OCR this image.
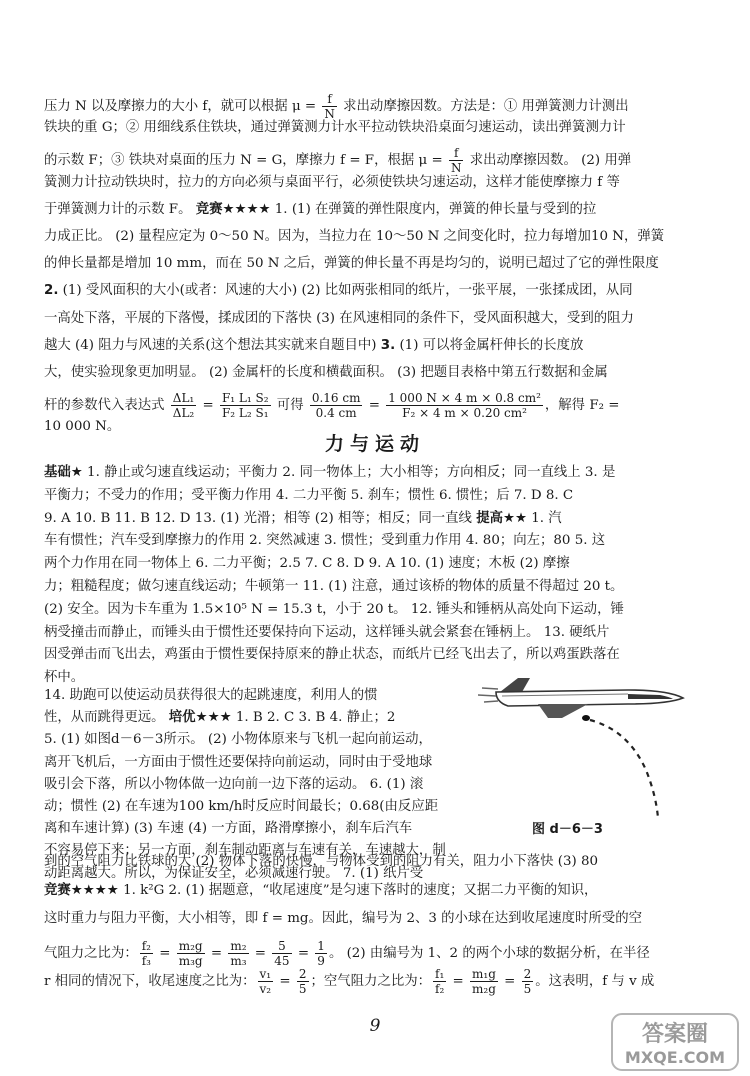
压力 N 以及摩擦力的大小 f，就可以根据 $\mu = \frac{f}{N}$ 求出动摩擦因数。方法是：① 用弹簧测力计测出
铁块的重 G；② 用细线系住铁块，通过弹簧测力计水平拉动铁块沿桌面匀速运动，读出弹簧测力计
的示数 F；③ 铁块对桌面的压力 N = G，摩擦力 f = F，根据 $\mu = \frac{f}{N}$ 求出动摩擦因数。 (2) 用弹
簧测力计拉动铁块时，拉力的方向必须与桌面平行，必须使铁块匀速运动，这样才能使摩擦力 f 等
于弹簧测力计的示数 F。 竞赛★★★★ 1. (1) 在弹簧的弹性限度内，弹簧的伸长量与受到的拉
力成正比。 (2) 量程应定为 0～50 N。因为，当拉力在 10～50 N 之间变化时，拉力每增加10 N，弹簧
的伸长量都是增加 10 mm，而在 50 N 之后，弹簧的伸长量不再是均匀的，说明已超过了它的弹性限度
2. (1) 受风面积的大小(或者：风速的大小) (2) 比如两张相同的纸片，一张平展，一张揉成团，从同
一高处下落，平展的下落慢，揉成团的下落快 (3) 在风速相同的条件下，受风面积越大，受到的阻力
越大 (4) 阻力与风速的关系(这个想法其实就来自题目中) 3. (1) 可以将金属杆伸长的长度放
大，使实验现象更加明显。 (2) 金属杆的长度和横截面积。 (3) 把题目表格中第五行数据和金属
杆的参数代入表达式 $\frac{\text{ΔL₁}}{\text{ΔL₂}} = \frac{\text{F₁ L₁ S₂}}{\text{F₂ L₂ S₁}}$ 可得 $\frac{0.16 cm}{0.4 cm} = \frac{\text{1 000 N × 4 m × 0.8 cm²}}{\text{F₂ × 4 m × 0.20 cm²}}$ ，解得 F₂ =
10 000 N。
力与运动
基础★ 1. 静止或匀速直线运动；平衡力 2. 同一物体上；大小相等；方向相反；同一直线上 3. 是
平衡力；不受力的作用；受平衡力作用 4. 二力平衡 5. 刹车；惯性 6. 惯性；后 7. D 8. C
9. A 10. B 11. B 12. D 13. (1) 光滑；相等 (2) 相等；相反；同一直线 提高★★ 1. 汽
车有惯性；汽车受到摩擦力的作用 2. 突然减速 3. 惯性；受到重力作用 4. 80；向左；80 5. 这
两个力作用在同一物体上 6. 二力平衡；2.5 7. C 8. D 9. A 10. (1) 速度；木板 (2) 摩擦
力；粗糙程度；做匀速直线运动；牛顿第一 11. (1) 注意，通过该桥的物体的质量不得超过 20 t。
(2) 安全。因为卡车重为 1.5×10⁵ N = 15.3 t，小于 20 t。 12. 锤头和锤柄从高处向下运动，锤
柄受撞击而静止，而锤头由于惯性还要保持向下运动，这样锤头就会紧套在锤柄上。 13. 硬纸片
因受弹击而飞出去，鸡蛋由于惯性要保持原来的静止状态，而纸片已经飞出去了，所以鸡蛋跌落在
杯中。
14. 助跑可以使运动员获得很大的起跳速度，利用人的惯
性，从而跳得更远。 培优★★★ 1. B 2. C 3. B 4. 静止；2
5. (1) 如图d－6－3所示。 (2) 小物体原来与飞机一起向前运动，
离开飞机后，一方面由于惯性还要保持向前运动，同时由于受地球
吸引会下落，所以小物体做一边向前一边下落的运动。 6. (1) 滚
动；惯性 (2) 在车速为100 km/h时反应时间最长；0.68(由反应距
离和车速计算) (3) 车速 (4) 一方面，路滑摩擦小，刹车后汽车
不容易停下来；另一方面，刹车制动距离与车速有关，车速越大，制
动距离越大。所以，为保证安全，必须减速行驶。 7. (1) 纸片受
图 d－6－3
到的空气阻力比铁球的大 (2) 物体下落的快慢，与物体受到的阻力有关，阻力小下落快 (3) 80
竞赛★★★★ 1. k²G 2. (1) 据题意，“收尾速度”是匀速下落时的速度；又据二力平衡的知识，
这时重力与阻力平衡，大小相等，即 f = mg。因此，编号为 2、3 的小球在达到收尾速度时所受的空
气阻力之比为： $\frac{\text{f₂}}{\text{f₃}} = \frac{\text{m₂g}}{\text{m₃g}} = \frac{\text{m₂}}{\text{m₃}} = \frac{5}{45} = \frac{1}{9}$ 。 (2) 由编号为 1、2 的两个小球的数据分析，在半径
r 相同的情况下，收尾速度之比为： $\frac{\text{v₁}}{\text{v₂}} = \frac{2}{5}$ ；空气阻力之比为： $\frac{\text{f₁}}{\text{f₂}} = \frac{\text{m₁g}}{\text{m₂g}} = \frac{2}{5}$ 。这表明，f 与 v 成
9	答案圈
MXQE.COM
